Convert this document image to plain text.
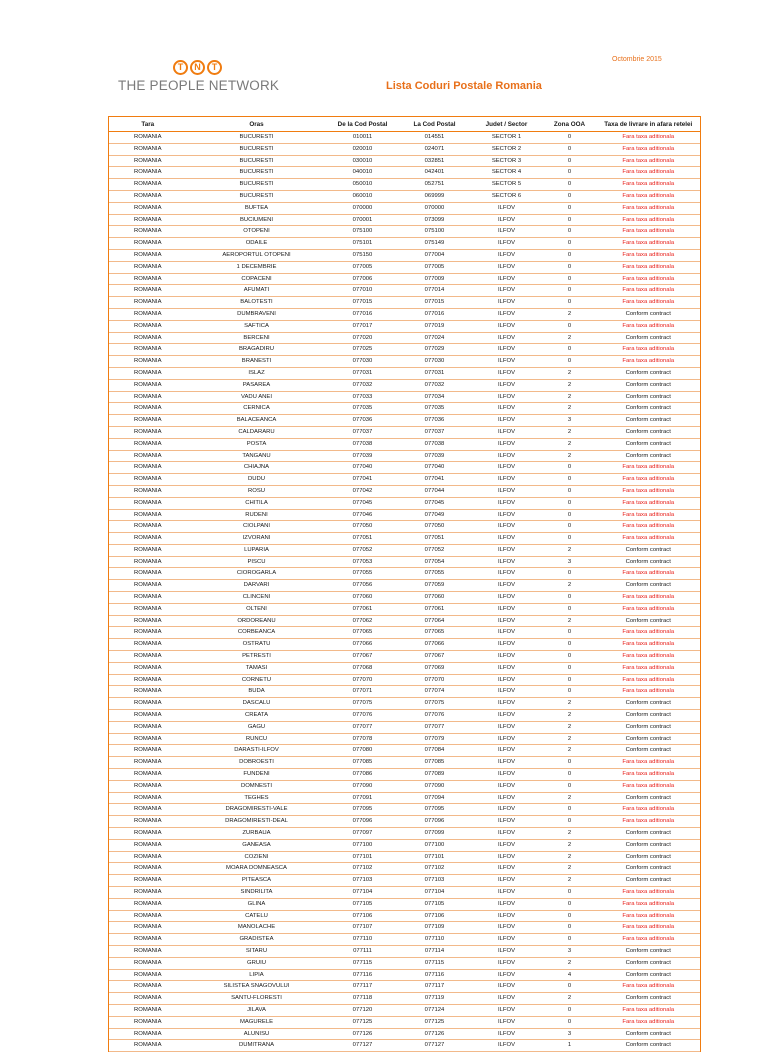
T	N	T
THE PEOPLE NETWORK
Octombrie 2015
Lista Coduri Postale Romania
Tara	Oras	De la Cod Postal	La Cod Postal	Judet / Sector	Zona OOA	Taxa de livrare in afara retelei
ROMANIA	BUCURESTI	010011	014551	SECTOR 1	0	Fara taxa aditionala
ROMANIA	BUCURESTI	020010	024071	SECTOR 2	0	Fara taxa aditionala
ROMANIA	BUCURESTI	030010	032851	SECTOR 3	0	Fara taxa aditionala
ROMANIA	BUCURESTI	040010	042401	SECTOR 4	0	Fara taxa aditionala
ROMANIA	BUCURESTI	050010	052751	SECTOR 5	0	Fara taxa aditionala
ROMANIA	BUCURESTI	060010	069999	SECTOR 6	0	Fara taxa aditionala
ROMANIA	BUFTEA	070000	070000	ILFOV	0	Fara taxa aditionala
ROMANIA	BUCIUMENI	070001	073099	ILFOV	0	Fara taxa aditionala
ROMANIA	OTOPENI	075100	075100	ILFOV	0	Fara taxa aditionala
ROMANIA	ODAILE	075101	075149	ILFOV	0	Fara taxa aditionala
ROMANIA	AEROPORTUL OTOPENI	075150	077004	ILFOV	0	Fara taxa aditionala
ROMANIA	1 DECEMBRIE	077005	077005	ILFOV	0	Fara taxa aditionala
ROMANIA	COPACENI	077006	077009	ILFOV	0	Fara taxa aditionala
ROMANIA	AFUMATI	077010	077014	ILFOV	0	Fara taxa aditionala
ROMANIA	BALOTESTI	077015	077015	ILFOV	0	Fara taxa aditionala
ROMANIA	DUMBRAVENI	077016	077016	ILFOV	2	Conform contract
ROMANIA	SAFTICA	077017	077019	ILFOV	0	Fara taxa aditionala
ROMANIA	BERCENI	077020	077024	ILFOV	2	Conform contract
ROMANIA	BRAGADIRU	077025	077029	ILFOV	0	Fara taxa aditionala
ROMANIA	BRANESTI	077030	077030	ILFOV	0	Fara taxa aditionala
ROMANIA	ISLAZ	077031	077031	ILFOV	2	Conform contract
ROMANIA	PASAREA	077032	077032	ILFOV	2	Conform contract
ROMANIA	VADU ANEI	077033	077034	ILFOV	2	Conform contract
ROMANIA	CERNICA	077035	077035	ILFOV	2	Conform contract
ROMANIA	BALACEANCA	077036	077036	ILFOV	3	Conform contract
ROMANIA	CALDARARU	077037	077037	ILFOV	2	Conform contract
ROMANIA	POSTA	077038	077038	ILFOV	2	Conform contract
ROMANIA	TANGANU	077039	077039	ILFOV	2	Conform contract
ROMANIA	CHIAJNA	077040	077040	ILFOV	0	Fara taxa aditionala
ROMANIA	DUDU	077041	077041	ILFOV	0	Fara taxa aditionala
ROMANIA	ROSU	077042	077044	ILFOV	0	Fara taxa aditionala
ROMANIA	CHITILA	077045	077045	ILFOV	0	Fara taxa aditionala
ROMANIA	RUDENI	077046	077049	ILFOV	0	Fara taxa aditionala
ROMANIA	CIOLPANI	077050	077050	ILFOV	0	Fara taxa aditionala
ROMANIA	IZVORANI	077051	077051	ILFOV	0	Fara taxa aditionala
ROMANIA	LUPARIA	077052	077052	ILFOV	2	Conform contract
ROMANIA	PISCU	077053	077054	ILFOV	3	Conform contract
ROMANIA	CIOROGARLA	077055	077055	ILFOV	0	Fara taxa aditionala
ROMANIA	DARVARI	077056	077059	ILFOV	2	Conform contract
ROMANIA	CLINCENI	077060	077060	ILFOV	0	Fara taxa aditionala
ROMANIA	OLTENI	077061	077061	ILFOV	0	Fara taxa aditionala
ROMANIA	ORDOREANU	077062	077064	ILFOV	2	Conform contract
ROMANIA	CORBEANCA	077065	077065	ILFOV	0	Fara taxa aditionala
ROMANIA	OSTRATU	077066	077066	ILFOV	0	Fara taxa aditionala
ROMANIA	PETRESTI	077067	077067	ILFOV	0	Fara taxa aditionala
ROMANIA	TAMASI	077068	077069	ILFOV	0	Fara taxa aditionala
ROMANIA	CORNETU	077070	077070	ILFOV	0	Fara taxa aditionala
ROMANIA	BUDA	077071	077074	ILFOV	0	Fara taxa aditionala
ROMANIA	DASCALU	077075	077075	ILFOV	2	Conform contract
ROMANIA	CREATA	077076	077076	ILFOV	2	Conform contract
ROMANIA	GAGU	077077	077077	ILFOV	2	Conform contract
ROMANIA	RUNCU	077078	077079	ILFOV	2	Conform contract
ROMANIA	DARASTI-ILFOV	077080	077084	ILFOV	2	Conform contract
ROMANIA	DOBROESTI	077085	077085	ILFOV	0	Fara taxa aditionala
ROMANIA	FUNDENI	077086	077089	ILFOV	0	Fara taxa aditionala
ROMANIA	DOMNESTI	077090	077090	ILFOV	0	Fara taxa aditionala
ROMANIA	TEGHES	077091	077094	ILFOV	2	Conform contract
ROMANIA	DRAGOMIRESTI-VALE	077095	077095	ILFOV	0	Fara taxa aditionala
ROMANIA	DRAGOMIRESTI-DEAL	077096	077096	ILFOV	0	Fara taxa aditionala
ROMANIA	ZURBAUA	077097	077099	ILFOV	2	Conform contract
ROMANIA	GANEASA	077100	077100	ILFOV	2	Conform contract
ROMANIA	COZIENI	077101	077101	ILFOV	2	Conform contract
ROMANIA	MOARA DOMNEASCA	077102	077102	ILFOV	2	Conform contract
ROMANIA	PITEASCA	077103	077103	ILFOV	2	Conform contract
ROMANIA	SINDRILITA	077104	077104	ILFOV	0	Fara taxa aditionala
ROMANIA	GLINA	077105	077105	ILFOV	0	Fara taxa aditionala
ROMANIA	CATELU	077106	077106	ILFOV	0	Fara taxa aditionala
ROMANIA	MANOLACHE	077107	077109	ILFOV	0	Fara taxa aditionala
ROMANIA	GRADISTEA	077110	077110	ILFOV	0	Fara taxa aditionala
ROMANIA	SITARU	077111	077114	ILFOV	3	Conform contract
ROMANIA	GRUIU	077115	077115	ILFOV	2	Conform contract
ROMANIA	LIPIA	077116	077116	ILFOV	4	Conform contract
ROMANIA	SILISTEA SNAGOVULUI	077117	077117	ILFOV	0	Fara taxa aditionala
ROMANIA	SANTU-FLORESTI	077118	077119	ILFOV	2	Conform contract
ROMANIA	JILAVA	077120	077124	ILFOV	0	Fara taxa aditionala
ROMANIA	MAGURELE	077125	077125	ILFOV	0	Fara taxa aditionala
ROMANIA	ALUNISU	077126	077126	ILFOV	3	Conform contract
ROMANIA	DUMITRANA	077127	077127	ILFOV	1	Conform contract
